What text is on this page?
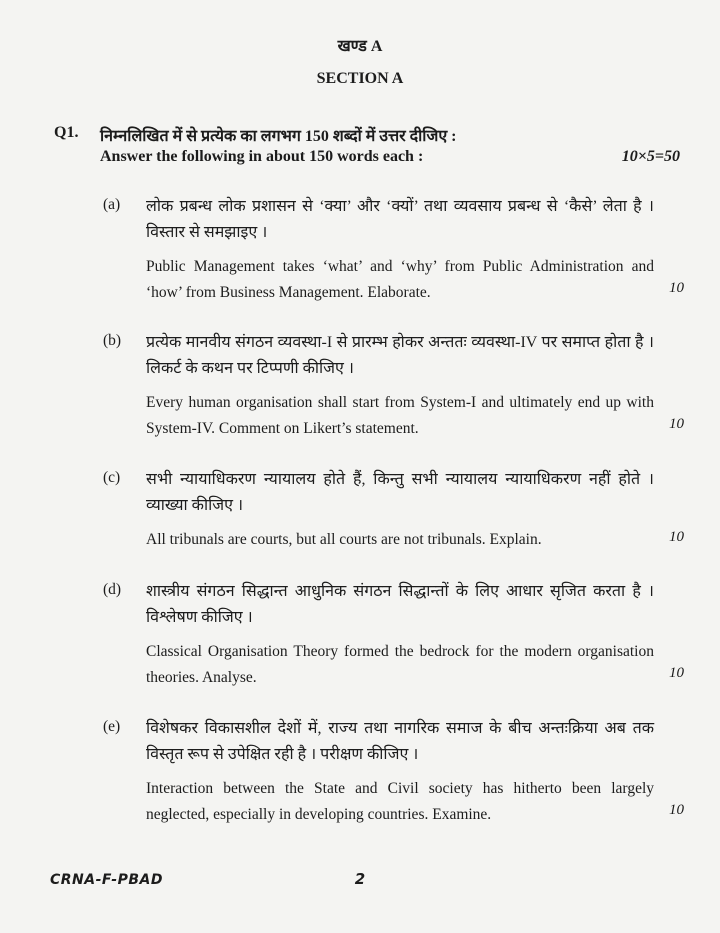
खण्ड A
SECTION A
Q1. निम्नलिखित में से प्रत्येक का लगभग 150 शब्दों में उत्तर दीजिए :
Answer the following in about 150 words each :	10×5=50
(a) लोक प्रबन्ध लोक प्रशासन से ‘क्या’ और ‘क्यों’ तथा व्यवसाय प्रबन्ध से ‘कैसे’ लेता है । विस्तार से समझाइए ।
Public Management takes ‘what’ and ‘why’ from Public Administration and ‘how’ from Business Management. Elaborate.	10
(b) प्रत्येक मानवीय संगठन व्यवस्था-I से प्रारम्भ होकर अन्ततः व्यवस्था-IV पर समाप्त होता है । लिकर्ट के कथन पर टिप्पणी कीजिए ।
Every human organisation shall start from System-I and ultimately end up with System-IV. Comment on Likert’s statement.	10
(c) सभी न्यायाधिकरण न्यायालय होते हैं, किन्तु सभी न्यायालय न्यायाधिकरण नहीं होते । व्याख्या कीजिए ।
All tribunals are courts, but all courts are not tribunals. Explain.	10
(d) शास्त्रीय संगठन सिद्धान्त आधुनिक संगठन सिद्धान्तों के लिए आधार सृजित करता है । विश्लेषण कीजिए ।
Classical Organisation Theory formed the bedrock for the modern organisation theories. Analyse.	10
(e) विशेषकर विकासशील देशों में, राज्य तथा नागरिक समाज के बीच अन्तःक्रिया अब तक विस्तृत रूप से उपेक्षित रही है । परीक्षण कीजिए ।
Interaction between the State and Civil society has hitherto been largely neglected, especially in developing countries. Examine.	10
CRNA-F-PBAD	2
